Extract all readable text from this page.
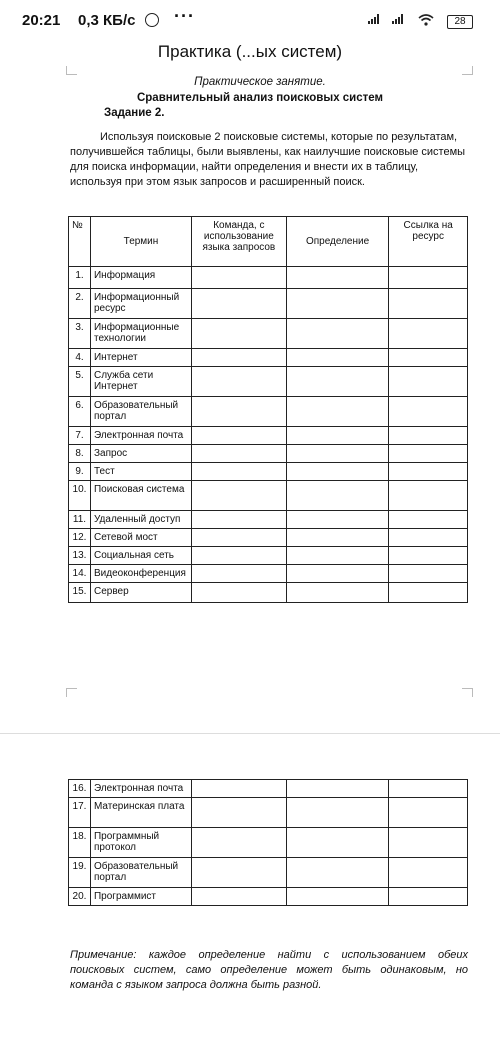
20:21 0,3 КБ/с ···	28
Практика (...ых систем)
Практическое занятие.
Сравнительный анализ поисковых систем
Задание 2.
Используя поисковые 2 поисковые системы, которые по результатам, получившейся таблицы, были выявлены, как наилучшие поисковые системы для поиска информации, найти определения и внести их в таблицу, используя при этом язык запросов и расширенный поиск.
№	Термин	Команда, с использование языка запросов	Определение	Ссылка на ресурс
1.	Информация			
2.	Информационный ресурс			
3.	Информационные технологии			
4.	Интернет			
5.	Служба сети Интернет			
6.	Образовательный портал			
7.	Электронная почта			
8.	Запрос			
9.	Тест			
10.	Поисковая система			
11.	Удаленный доступ			
12.	Сетевой мост			
13.	Социальная сеть			
14.	Видеоконференция			
15.	Сервер			
16.	Электронная почта			
17.	Материнская плата			
18.	Программный протокол			
19.	Образовательный портал			
20.	Программист			
Примечание: каждое определение найти с использованием обеих поисковых систем, само определение может быть одинаковым, но команда с языком запроса должна быть разной.
